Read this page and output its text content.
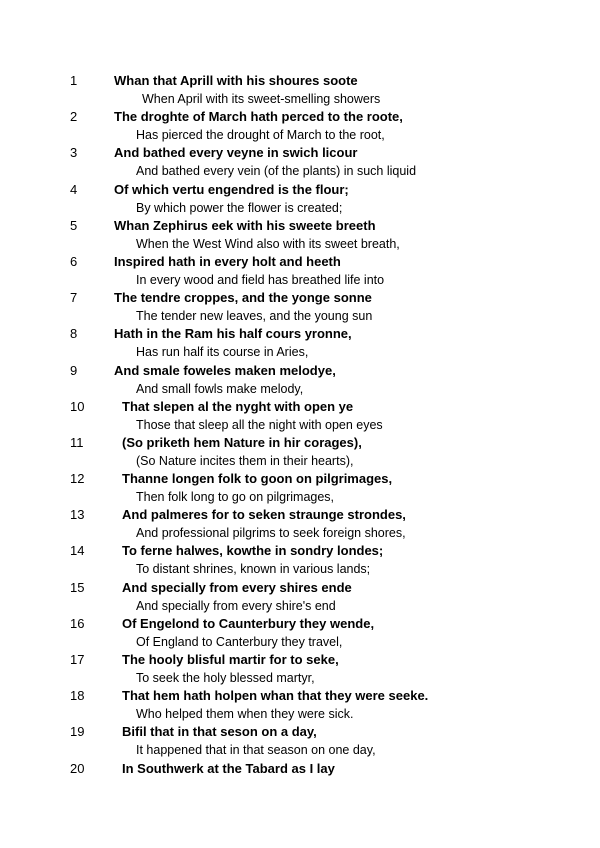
1	Whan that Aprill with his shoures soote
When April with its sweet-smelling showers
2	The droghte of March hath perced to the roote,
Has pierced the drought of March to the root,
3	And bathed every veyne in swich licour
And bathed every vein (of the plants) in such liquid
4	Of which vertu engendred is the flour;
By which power the flower is created;
5	Whan Zephirus eek with his sweete breeth
When the West Wind also with its sweet breath,
6	Inspired hath in every holt and heeth
In every wood and field has breathed life into
7	The tendre croppes, and the yonge sonne
The tender new leaves, and the young sun
8	Hath in the Ram his half cours yronne,
Has run half its course in Aries,
9	And smale foweles maken melodye,
And small fowls make melody,
10	That slepen al the nyght with open ye
Those that sleep all the night with open eyes
11	(So priketh hem Nature in hir corages),
(So Nature incites them in their hearts),
12	Thanne longen folk to goon on pilgrimages,
Then folk long to go on pilgrimages,
13	And palmeres for to seken straunge strondes,
And professional pilgrims to seek foreign shores,
14	To ferne halwes, kowthe in sondry londes;
To distant shrines, known in various lands;
15	And specially from every shires ende
And specially from every shire's end
16	Of Engelond to Caunterbury they wende,
Of England to Canterbury they travel,
17	The hooly blisful martir for to seke,
To seek the holy blessed martyr,
18	That hem hath holpen whan that they were seeke.
Who helped them when they were sick.
19	Bifil that in that seson on a day,
It happened that in that season on one day,
20	In Southwerk at the Tabard as I lay
